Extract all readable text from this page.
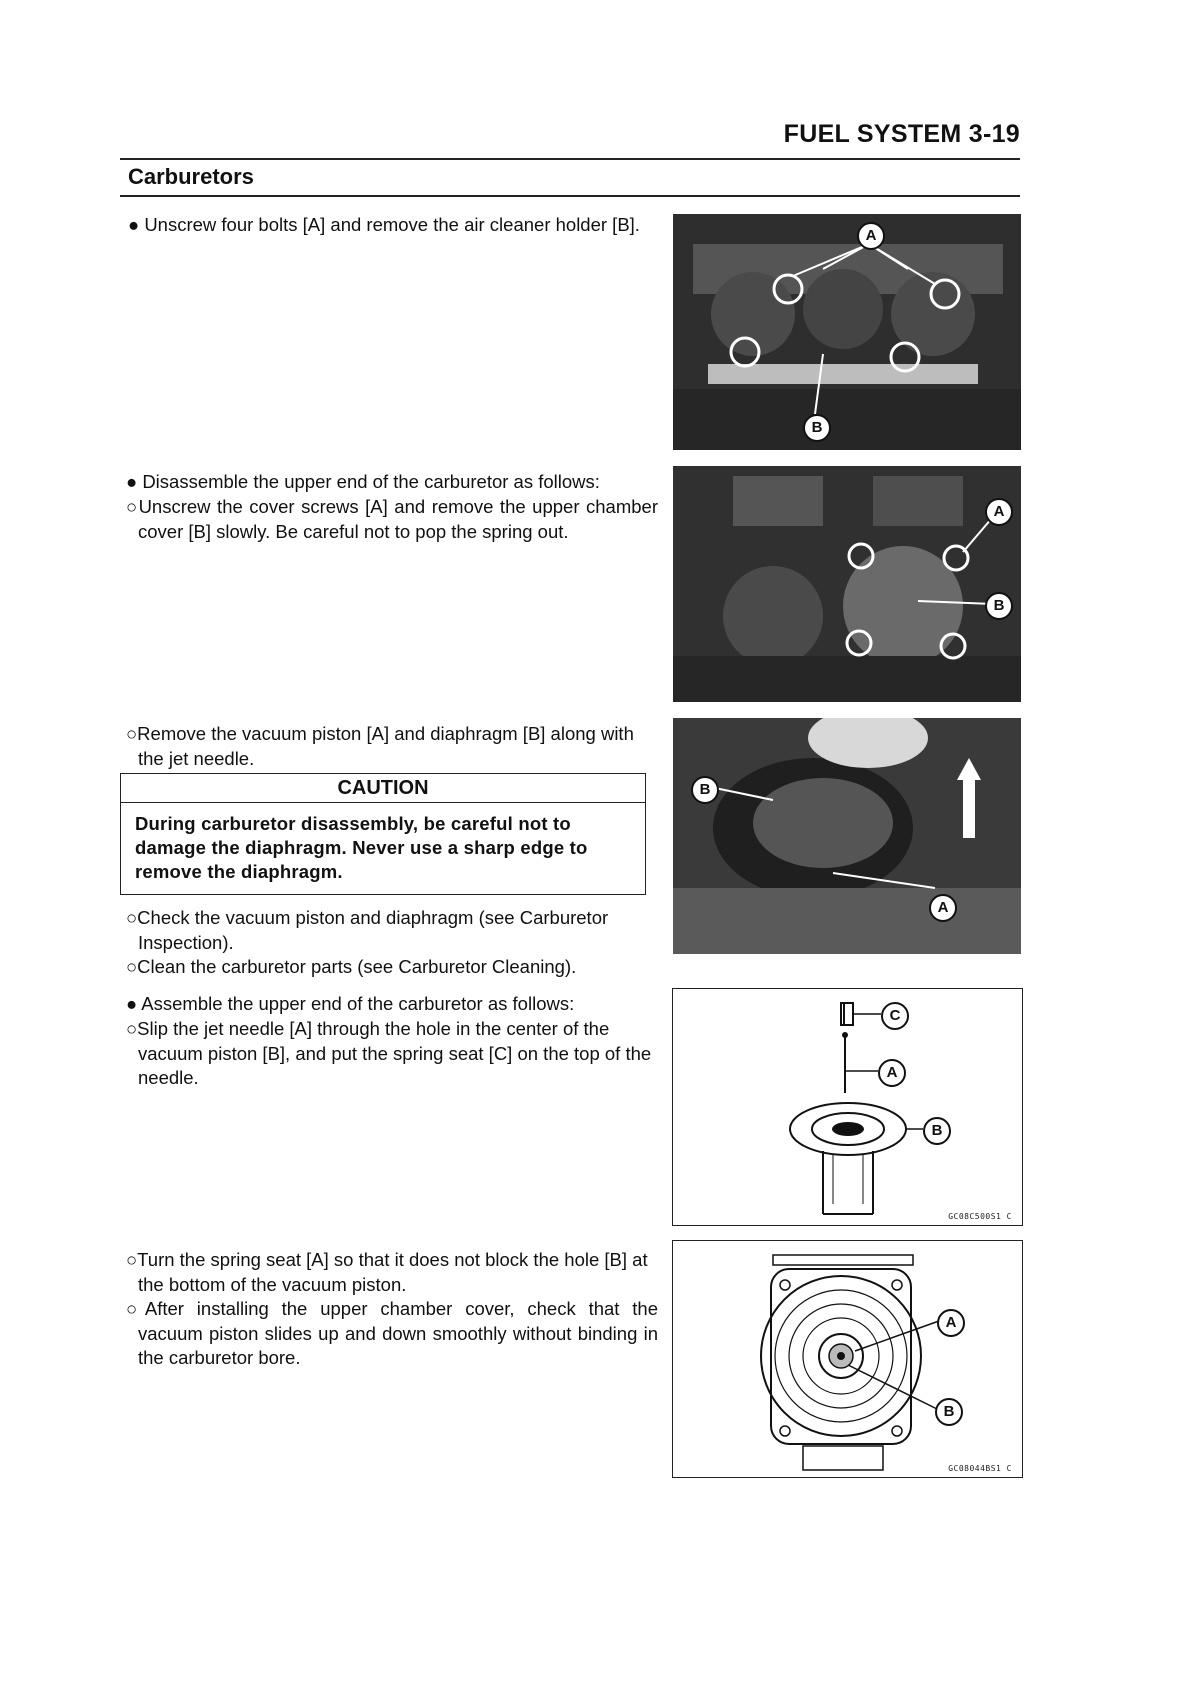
FUEL SYSTEM 3-19
Carburetors
● Unscrew four bolts [A] and remove the air cleaner holder [B].
● Disassemble the upper end of the carburetor as follows:
○Unscrew the cover screws [A] and remove the upper chamber cover [B] slowly. Be careful not to pop the spring out.
○Remove the vacuum piston [A] and diaphragm [B] along with the jet needle.
CAUTION
During carburetor disassembly, be careful not to damage the diaphragm. Never use a sharp edge to remove the diaphragm.
○Check the vacuum piston and diaphragm (see Carburetor Inspection).
○Clean the carburetor parts (see Carburetor Cleaning).
● Assemble the upper end of the carburetor as follows:
○Slip the jet needle [A] through the hole in the center of the vacuum piston [B], and put the spring seat [C] on the top of the needle.
○Turn the spring seat [A] so that it does not block the hole [B] at the bottom of the vacuum piston.
○After installing the upper chamber cover, check that the vacuum piston slides up and down smoothly without binding in the carburetor bore.
A
B
A
B
B
A
C
A
B
GC08C500S1 C
A
B
GC08044BS1 C
